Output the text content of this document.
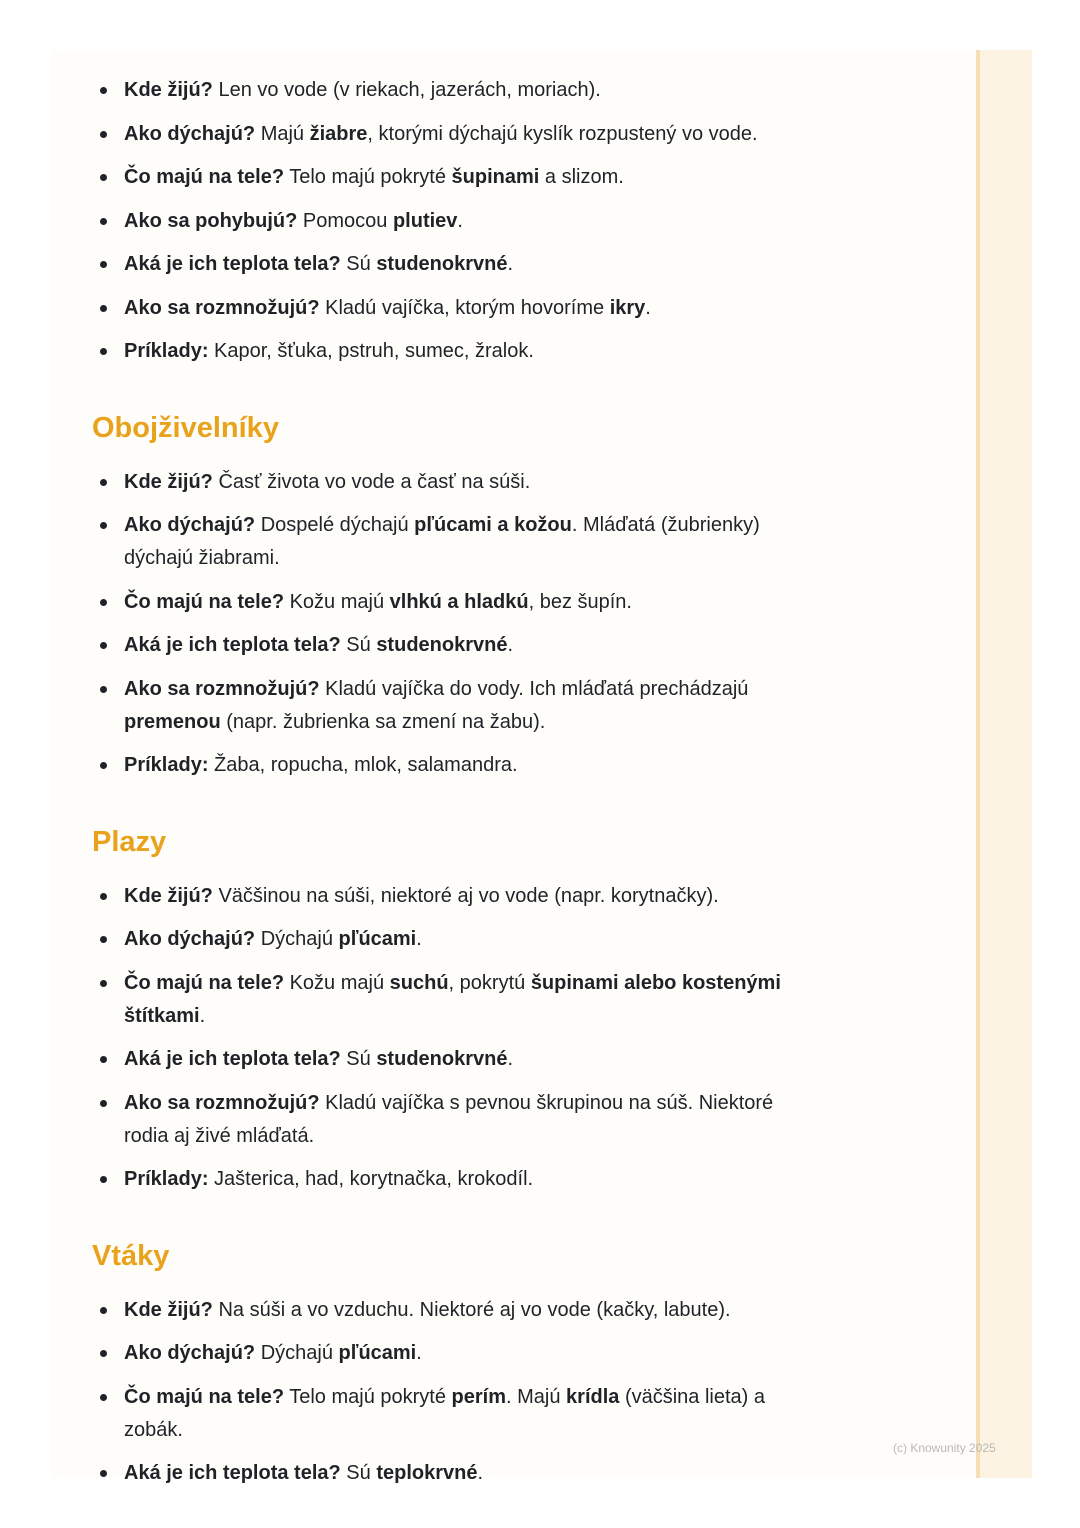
Kde žijú? Len vo vode (v riekach, jazerách, moriach).
Ako dýchajú? Majú žiabre, ktorými dýchajú kyslík rozpustený vo vode.
Čo majú na tele? Telo majú pokryté šupinami a slizom.
Ako sa pohybujú? Pomocou plutiev.
Aká je ich teplota tela? Sú studenokrvné.
Ako sa rozmnožujú? Kladú vajíčka, ktorým hovoríme ikry.
Príklady: Kapor, šťuka, pstruh, sumec, žralok.
Obojživelníky
Kde žijú? Časť života vo vode a časť na súši.
Ako dýchajú? Dospelé dýchajú pľúcami a kožou. Mláďatá (žubrienky) dýchajú žiabrami.
Čo majú na tele? Kožu majú vlhkú a hladkú, bez šupín.
Aká je ich teplota tela? Sú studenokrvné.
Ako sa rozmnožujú? Kladú vajíčka do vody. Ich mláďatá prechádzajú premenou (napr. žubrienka sa zmení na žabu).
Príklady: Žaba, ropucha, mlok, salamandra.
Plazy
Kde žijú? Väčšinou na súši, niektoré aj vo vode (napr. korytnačky).
Ako dýchajú? Dýchajú pľúcami.
Čo majú na tele? Kožu majú suchú, pokrytú šupinami alebo kostenými štítkami.
Aká je ich teplota tela? Sú studenokrvné.
Ako sa rozmnožujú? Kladú vajíčka s pevnou škrupinou na súš. Niektoré rodia aj živé mláďatá.
Príklady: Jašterica, had, korytnačka, krokodíl.
Vtáky
Kde žijú? Na súši a vo vzduchu. Niektoré aj vo vode (kačky, labute).
Ako dýchajú? Dýchajú pľúcami.
Čo majú na tele? Telo majú pokryté perím. Majú krídla (väčšina lieta) a zobák.
Aká je ich teplota tela? Sú teplokrvné.
(c) Knowunity 2025
